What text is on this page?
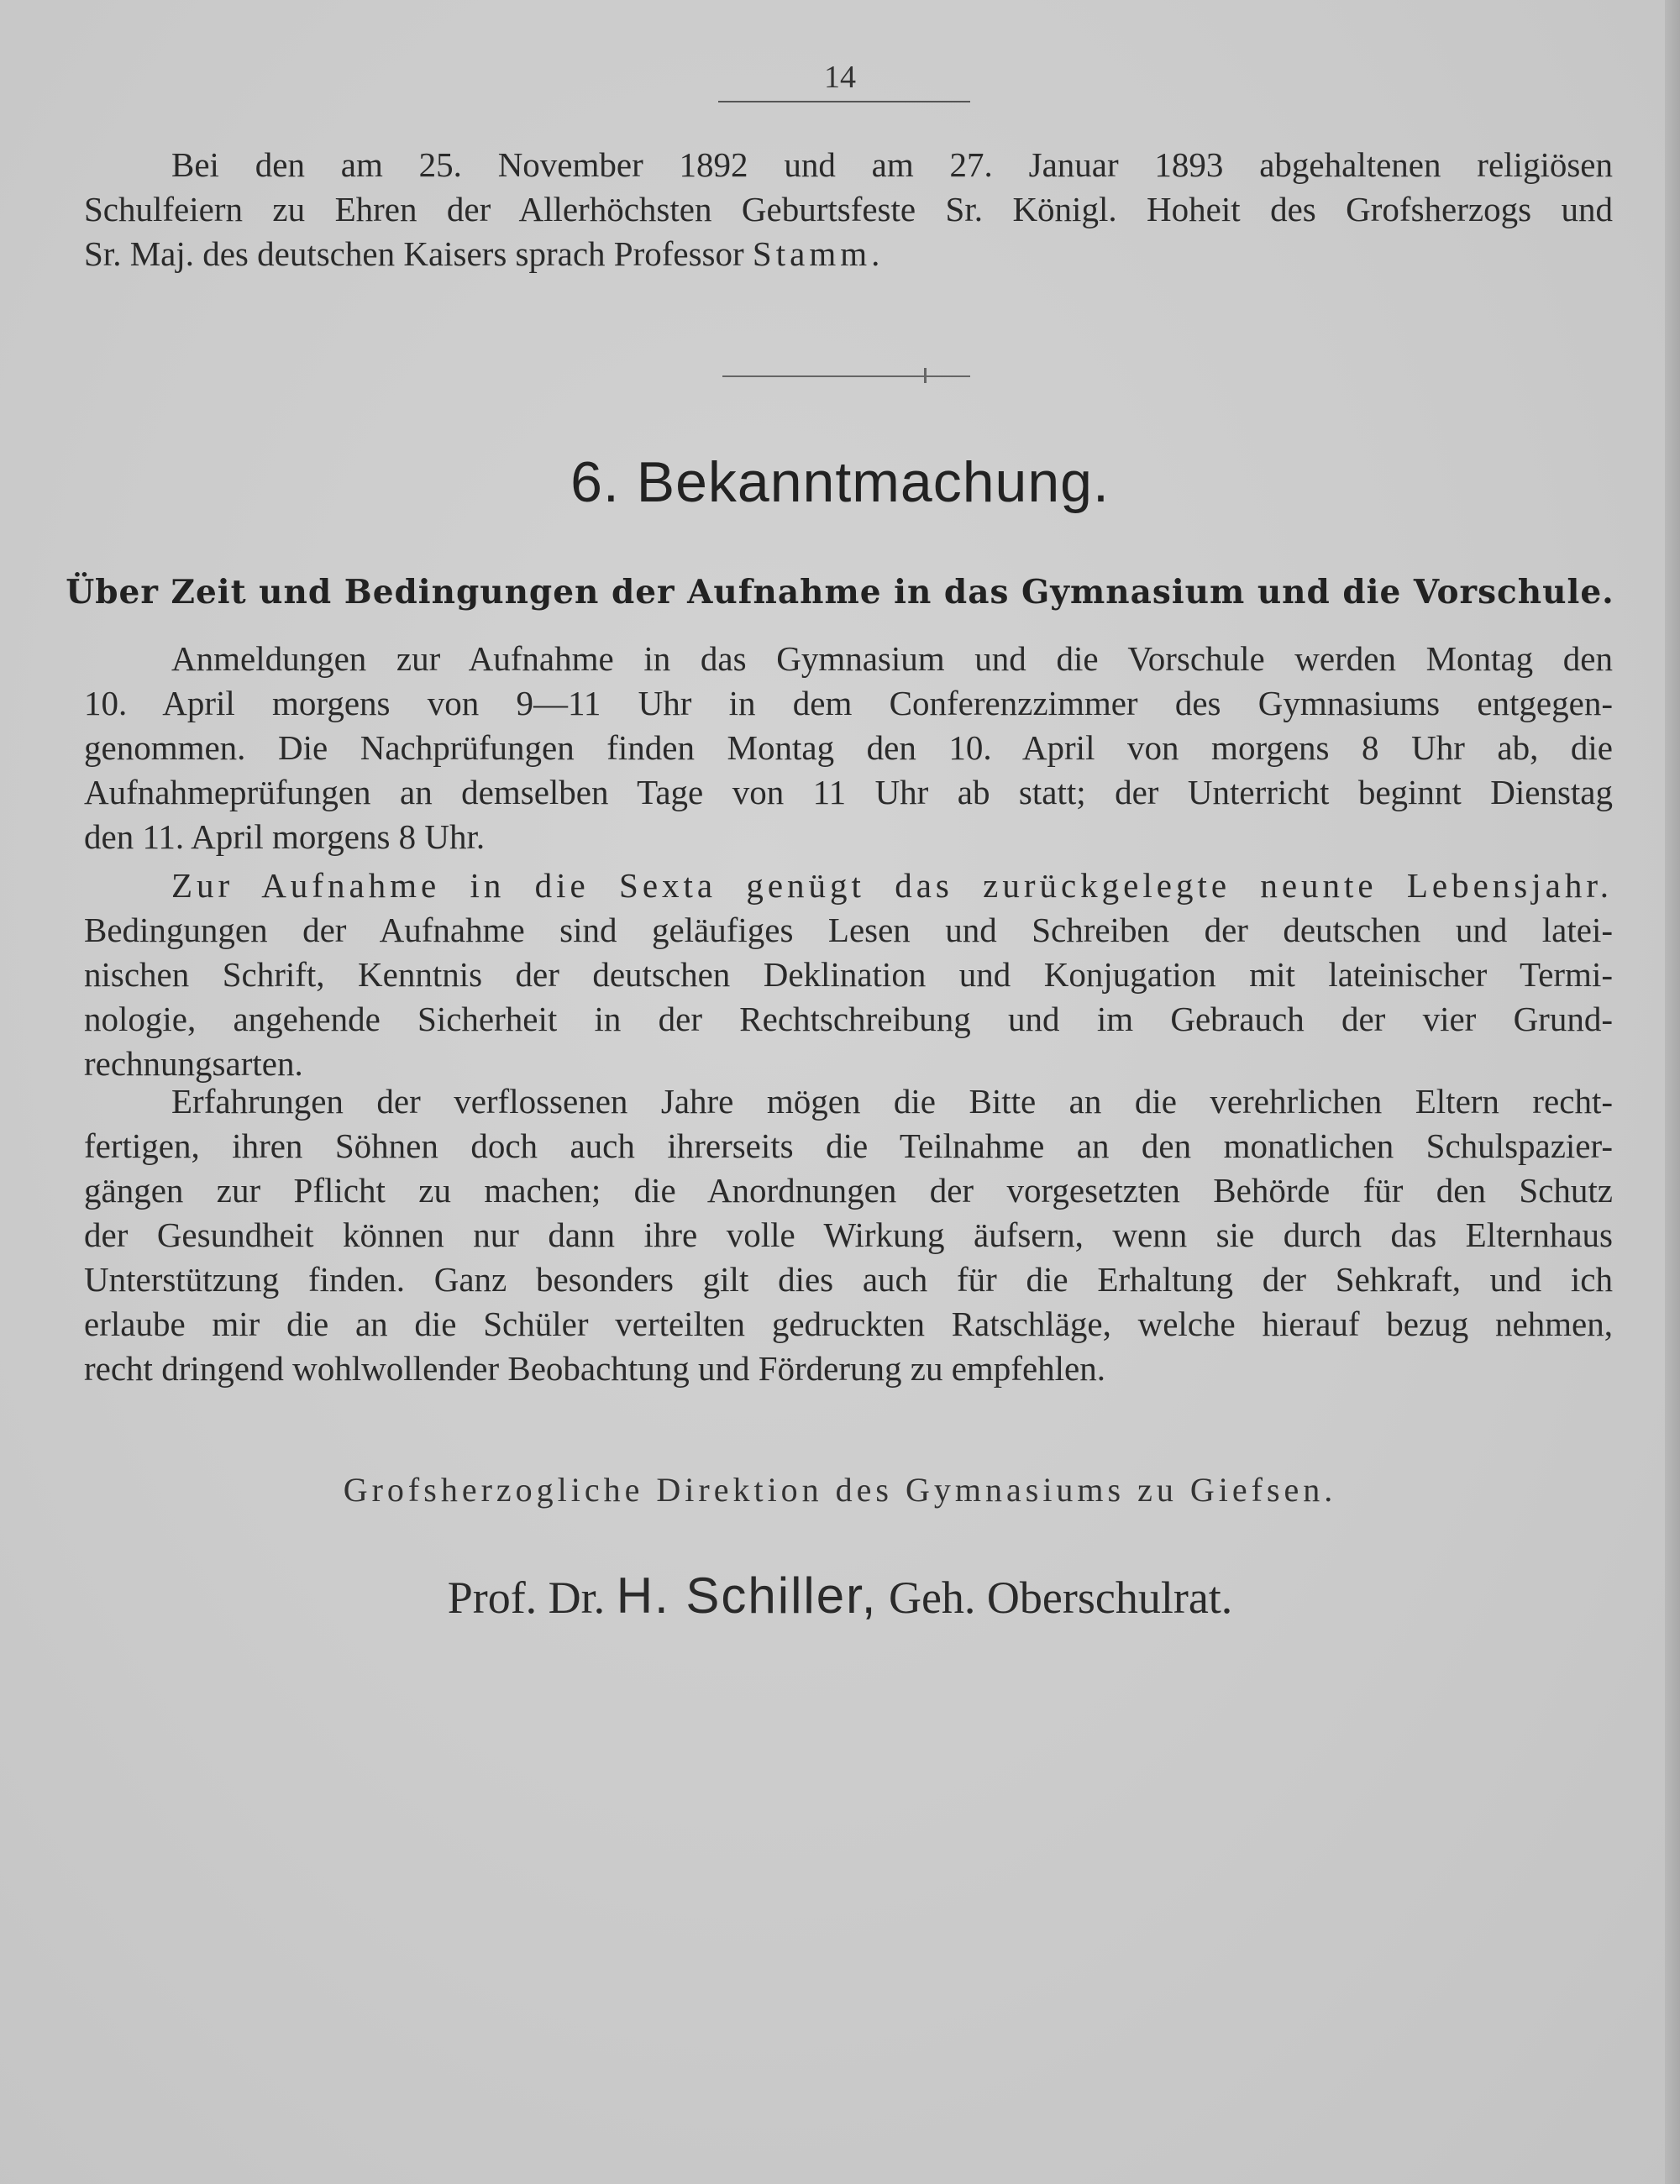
14
Bei den am 25. November 1892 und am 27. Januar 1893 abgehaltenen religiösen
Schulfeiern zu Ehren der Allerhöchsten Geburtsfeste Sr. Königl. Hoheit des Grofsherzogs und
Sr. Maj. des deutschen Kaisers sprach Professor Stamm.
6. Bekanntmachung.
Über Zeit und Bedingungen der Aufnahme in das Gymnasium und die Vorschule.
Anmeldungen zur Aufnahme in das Gymnasium und die Vorschule werden Montag den
10. April morgens von 9—11 Uhr in dem Conferenzzimmer des Gymnasiums entgegen-
genommen. Die Nachprüfungen finden Montag den 10. April von morgens 8 Uhr ab, die
Aufnahmeprüfungen an demselben Tage von 11 Uhr ab statt; der Unterricht beginnt Dienstag
den 11. April morgens 8 Uhr.
Zur Aufnahme in die Sexta genügt das zurückgelegte neunte Lebensjahr.
Bedingungen der Aufnahme sind geläufiges Lesen und Schreiben der deutschen und latei-
nischen Schrift, Kenntnis der deutschen Deklination und Konjugation mit lateinischer Termi-
nologie, angehende Sicherheit in der Rechtschreibung und im Gebrauch der vier Grund-
rechnungsarten.
Erfahrungen der verflossenen Jahre mögen die Bitte an die verehrlichen Eltern recht-
fertigen, ihren Söhnen doch auch ihrerseits die Teilnahme an den monatlichen Schulspazier-
gängen zur Pflicht zu machen; die Anordnungen der vorgesetzten Behörde für den Schutz
der Gesundheit können nur dann ihre volle Wirkung äufsern, wenn sie durch das Elternhaus
Unterstützung finden. Ganz besonders gilt dies auch für die Erhaltung der Sehkraft, und ich
erlaube mir die an die Schüler verteilten gedruckten Ratschläge, welche hierauf bezug nehmen,
recht dringend wohlwollender Beobachtung und Förderung zu empfehlen.
Grofsherzogliche Direktion des Gymnasiums zu Giefsen.
Prof. Dr. H. Schiller, Geh. Oberschulrat.
